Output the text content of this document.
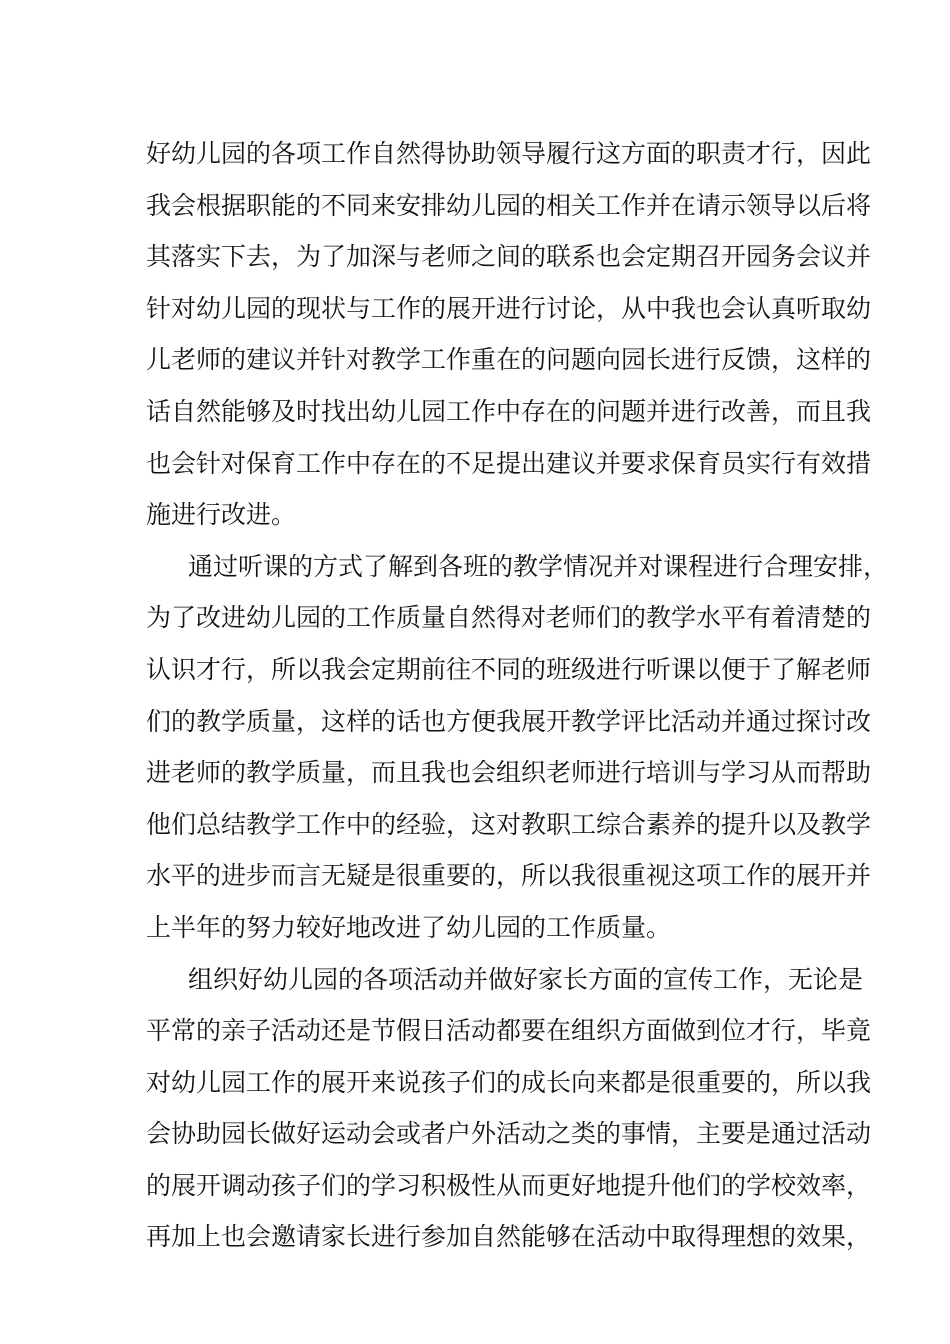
好幼儿园的各项工作自然得协助领导履行这方面的职责才行，因此
我会根据职能的不同来安排幼儿园的相关工作并在请示领导以后将
其落实下去，为了加深与老师之间的联系也会定期召开园务会议并
针对幼儿园的现状与工作的展开进行讨论，从中我也会认真听取幼
儿老师的建议并针对教学工作重在的问题向园长进行反馈，这样的
话自然能够及时找出幼儿园工作中存在的问题并进行改善，而且我
也会针对保育工作中存在的不足提出建议并要求保育员实行有效措
施进行改进。
通过听课的方式了解到各班的教学情况并对课程进行合理安排，
为了改进幼儿园的工作质量自然得对老师们的教学水平有着清楚的
认识才行，所以我会定期前往不同的班级进行听课以便于了解老师
们的教学质量，这样的话也方便我展开教学评比活动并通过探讨改
进老师的教学质量，而且我也会组织老师进行培训与学习从而帮助
他们总结教学工作中的经验，这对教职工综合素养的提升以及教学
水平的进步而言无疑是很重要的，所以我很重视这项工作的展开并
上半年的努力较好地改进了幼儿园的工作质量。
组织好幼儿园的各项活动并做好家长方面的宣传工作，无论是
平常的亲子活动还是节假日活动都要在组织方面做到位才行，毕竟
对幼儿园工作的展开来说孩子们的成长向来都是很重要的，所以我
会协助园长做好运动会或者户外活动之类的事情，主要是通过活动
的展开调动孩子们的学习积极性从而更好地提升他们的学校效率，
再加上也会邀请家长进行参加自然能够在活动中取得理想的效果，
